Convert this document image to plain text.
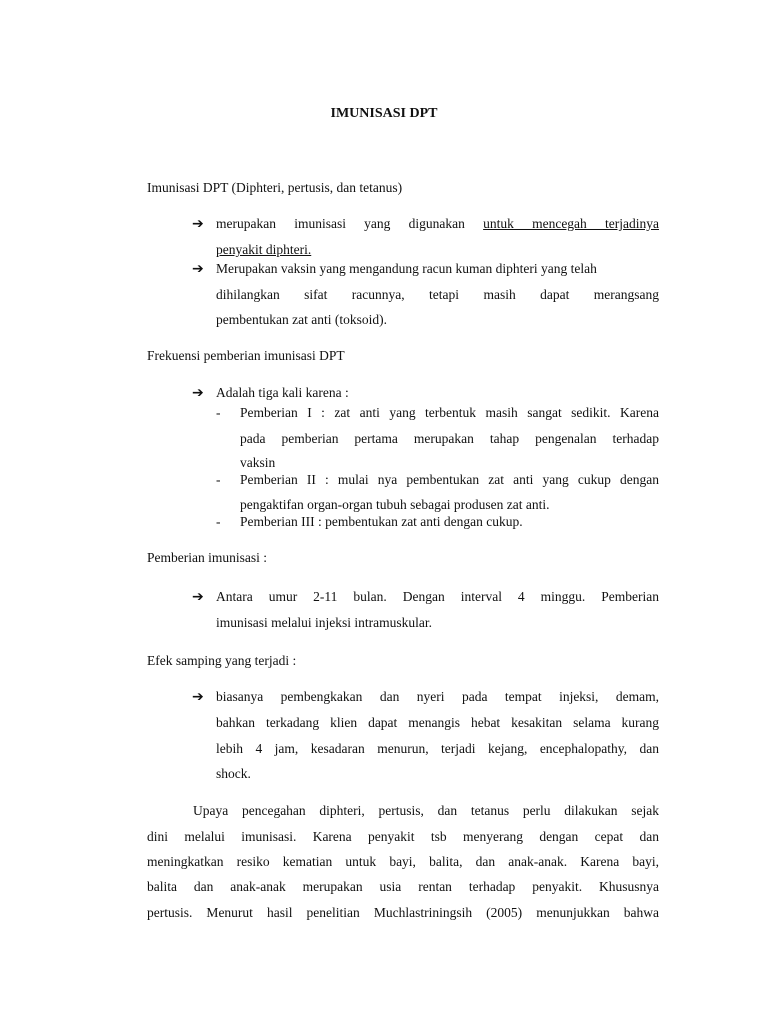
IMUNISASI DPT
Imunisasi DPT (Diphteri, pertusis, dan tetanus)
➔ merupakan imunisasi yang digunakan untuk mencegah terjadinya
penyakit diphteri.
➔ Merupakan vaksin yang mengandung racun kuman diphteri yang telah
dihilangkan sifat racunnya, tetapi masih dapat merangsang
pembentukan zat anti (toksoid).
Frekuensi pemberian imunisasi DPT
➔ Adalah tiga kali karena :
- Pemberian I : zat anti yang terbentuk masih sangat sedikit. Karena
pada pemberian pertama merupakan tahap pengenalan terhadap
vaksin
- Pemberian II : mulai nya pembentukan zat anti yang cukup dengan
pengaktifan organ-organ tubuh sebagai produsen zat anti.
- Pemberian III : pembentukan zat anti dengan cukup.
Pemberian imunisasi :
➔ Antara umur 2-11 bulan. Dengan interval 4 minggu. Pemberian
imunisasi melalui injeksi intramuskular.
Efek samping yang terjadi :
➔ biasanya pembengkakan dan nyeri pada tempat injeksi, demam,
bahkan terkadang klien dapat menangis hebat kesakitan selama kurang
lebih 4 jam, kesadaran menurun, terjadi kejang, encephalopathy, dan
shock.
Upaya pencegahan diphteri, pertusis, dan tetanus perlu dilakukan sejak
dini melalui imunisasi. Karena penyakit tsb menyerang dengan cepat dan
meningkatkan resiko kematian untuk bayi, balita, dan anak-anak. Karena bayi,
balita dan anak-anak merupakan usia rentan terhadap penyakit. Khususnya
pertusis. Menurut hasil penelitian Muchlastriningsih (2005) menunjukkan bahwa
